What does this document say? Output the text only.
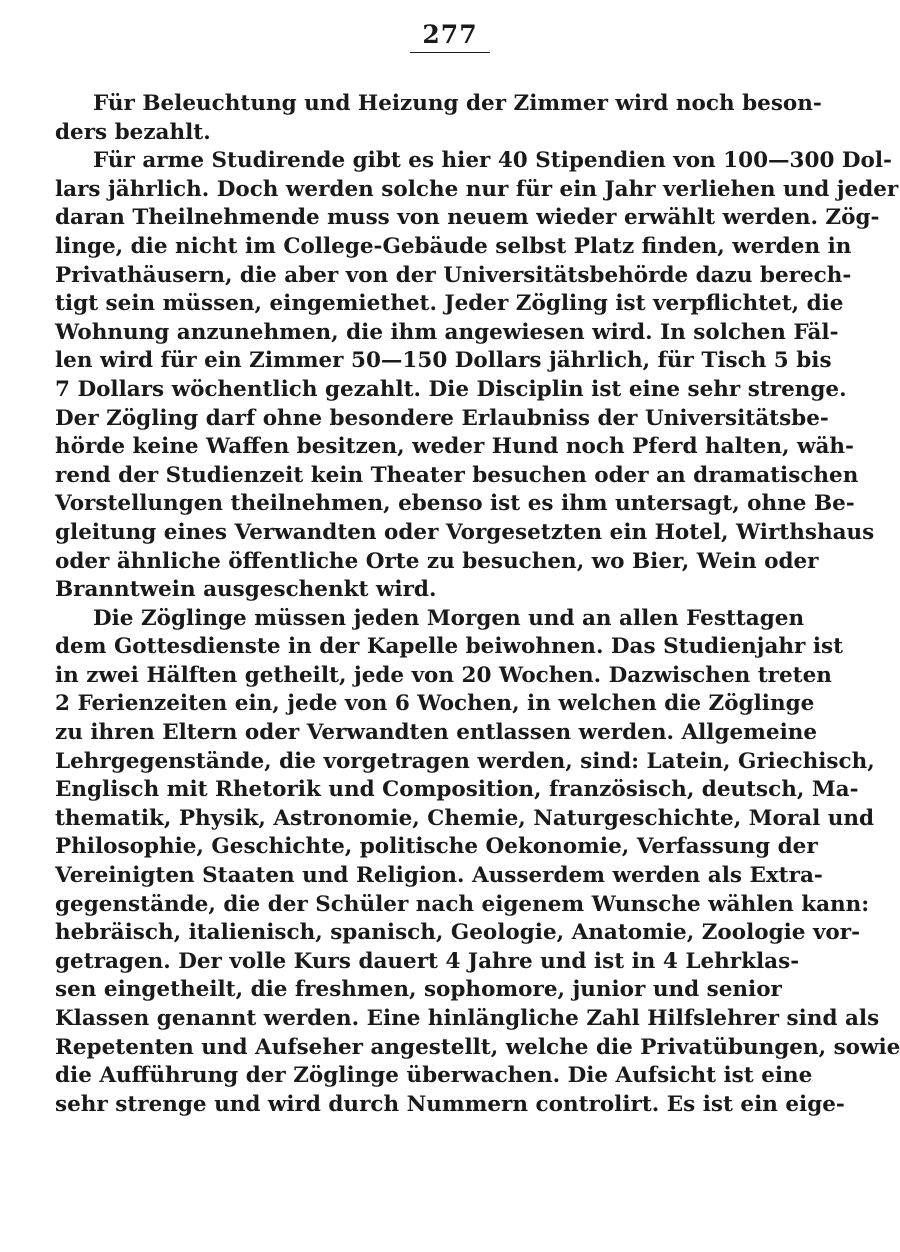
277
Für Beleuchtung und Heizung der Zimmer wird noch beson-
ders bezahlt.
Für arme Studirende gibt es hier 40 Stipendien von 100—300 Dol-
lars jährlich. Doch werden solche nur für ein Jahr verliehen und jeder
daran Theilnehmende muss von neuem wieder erwählt werden. Zög-
linge, die nicht im College-Gebäude selbst Platz finden, werden in
Privathäusern, die aber von der Universitätsbehörde dazu berech-
tigt sein müssen, eingemiethet. Jeder Zögling ist verpflichtet, die
Wohnung anzunehmen, die ihm angewiesen wird. In solchen Fäl-
len wird für ein Zimmer 50—150 Dollars jährlich, für Tisch 5 bis
7 Dollars wöchentlich gezahlt. Die Disciplin ist eine sehr strenge.
Der Zögling darf ohne besondere Erlaubniss der Universitätsbe-
hörde keine Waffen besitzen, weder Hund noch Pferd halten, wäh-
rend der Studienzeit kein Theater besuchen oder an dramatischen
Vorstellungen theilnehmen, ebenso ist es ihm untersagt, ohne Be-
gleitung eines Verwandten oder Vorgesetzten ein Hotel, Wirthshaus
oder ähnliche öffentliche Orte zu besuchen, wo Bier, Wein oder
Branntwein ausgeschenkt wird.
Die Zöglinge müssen jeden Morgen und an allen Festtagen
dem Gottesdienste in der Kapelle beiwohnen. Das Studienjahr ist
in zwei Hälften getheilt, jede von 20 Wochen. Dazwischen treten
2 Ferienzeiten ein, jede von 6 Wochen, in welchen die Zöglinge
zu ihren Eltern oder Verwandten entlassen werden. Allgemeine
Lehrgegenstände, die vorgetragen werden, sind: Latein, Griechisch,
Englisch mit Rhetorik und Composition, französisch, deutsch, Ma-
thematik, Physik, Astronomie, Chemie, Naturgeschichte, Moral und
Philosophie, Geschichte, politische Oekonomie, Verfassung der
Vereinigten Staaten und Religion. Ausserdem werden als Extra-
gegenstände, die der Schüler nach eigenem Wunsche wählen kann:
hebräisch, italienisch, spanisch, Geologie, Anatomie, Zoologie vor-
getragen. Der volle Kurs dauert 4 Jahre und ist in 4 Lehrklas-
sen eingetheilt, die freshmen, sophomore, junior und senior
Klassen genannt werden. Eine hinlängliche Zahl Hilfslehrer sind als
Repetenten und Aufseher angestellt, welche die Privatübungen, sowie
die Aufführung der Zöglinge überwachen. Die Aufsicht ist eine
sehr strenge und wird durch Nummern controlirt. Es ist ein eige-
